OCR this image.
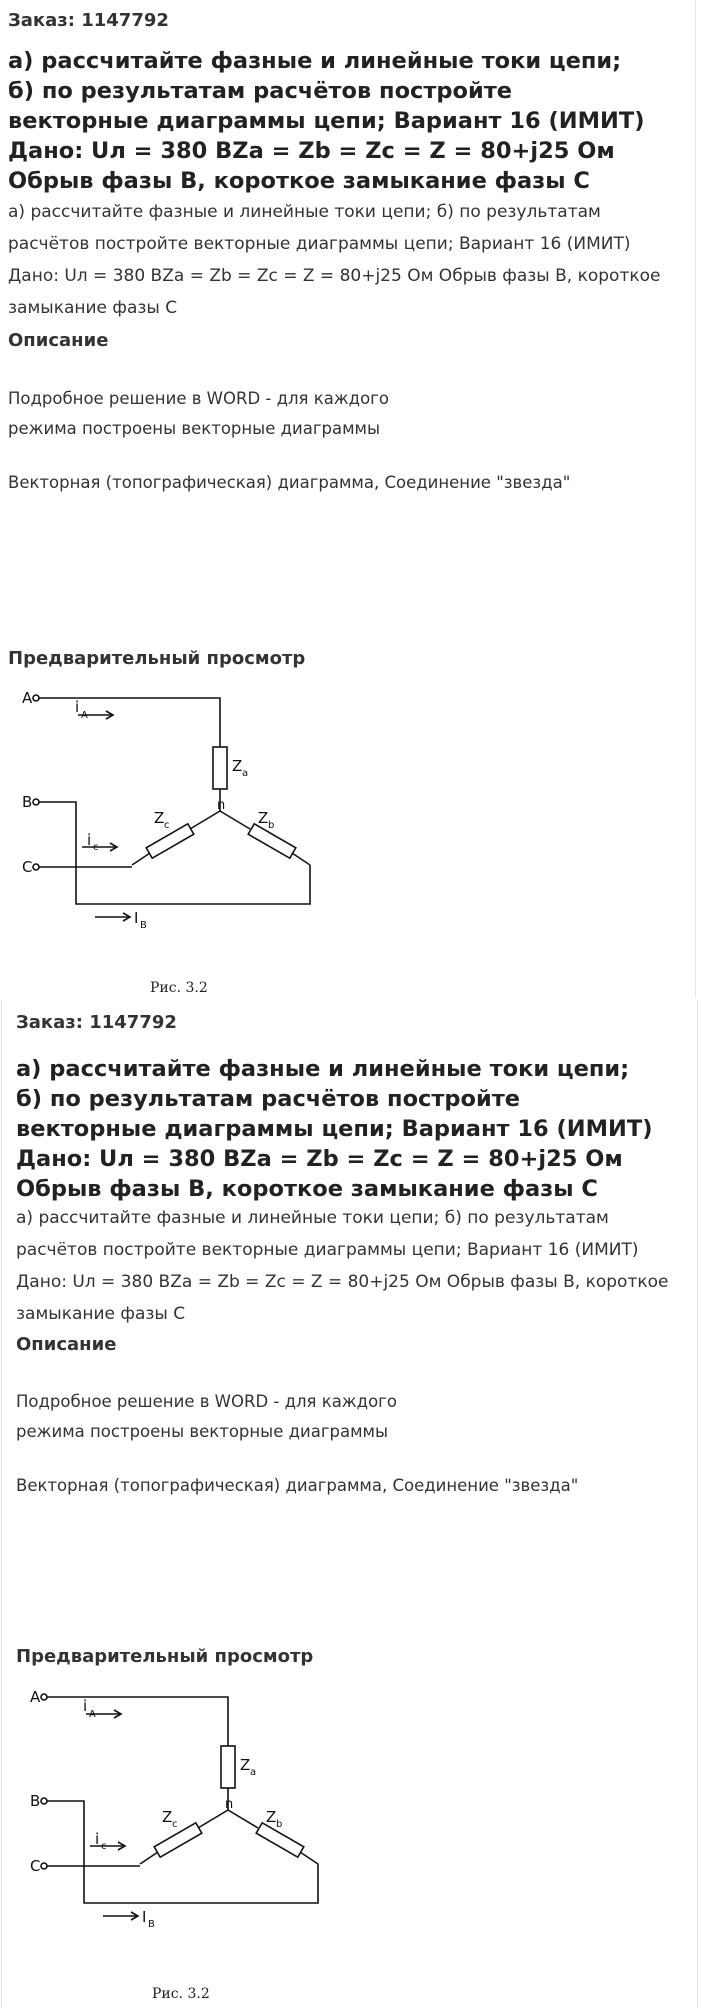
Заказ: 1147792
а) рассчитайте фазные и линейные токи цепи; б) по результатам расчётов постройте векторные диаграммы цепи; Вариант 16 (ИМИТ) Дано: Uл = 380 BZa = Zb = Zc = Z = 80+j25 Ом Обрыв фазы В, короткое замыкание фазы С
а) рассчитайте фазные и линейные токи цепи; б) по результатам расчётов постройте векторные диаграммы цепи; Вариант 16 (ИМИТ) Дано: Uл = 380 BZa = Zb = Zc = Z = 80+j25 Ом Обрыв фазы В, короткое замыкание фазы С
Описание
Подробное решение в WORD - для каждого
режима построены векторные диаграммы
Векторная (топографическая) диаграмма, Соединение "звезда"
Предварительный просмотр
A
B
C
n
i A
i c
I B
Z a
Z c	Z b
Рис. 3.2
Заказ: 1147792
а) рассчитайте фазные и линейные токи цепи; б) по результатам расчётов постройте векторные диаграммы цепи; Вариант 16 (ИМИТ) Дано: Uл = 380 BZa = Zb = Zc = Z = 80+j25 Ом Обрыв фазы В, короткое замыкание фазы С
а) рассчитайте фазные и линейные токи цепи; б) по результатам расчётов постройте векторные диаграммы цепи; Вариант 16 (ИМИТ) Дано: Uл = 380 BZa = Zb = Zc = Z = 80+j25 Ом Обрыв фазы В, короткое замыкание фазы С
Описание
Подробное решение в WORD - для каждого
режима построены векторные диаграммы
Векторная (топографическая) диаграмма, Соединение "звезда"
Предварительный просмотр
A
B
C
n
i A
i c
I B
Z a
Z c	Z b
Рис. 3.2
